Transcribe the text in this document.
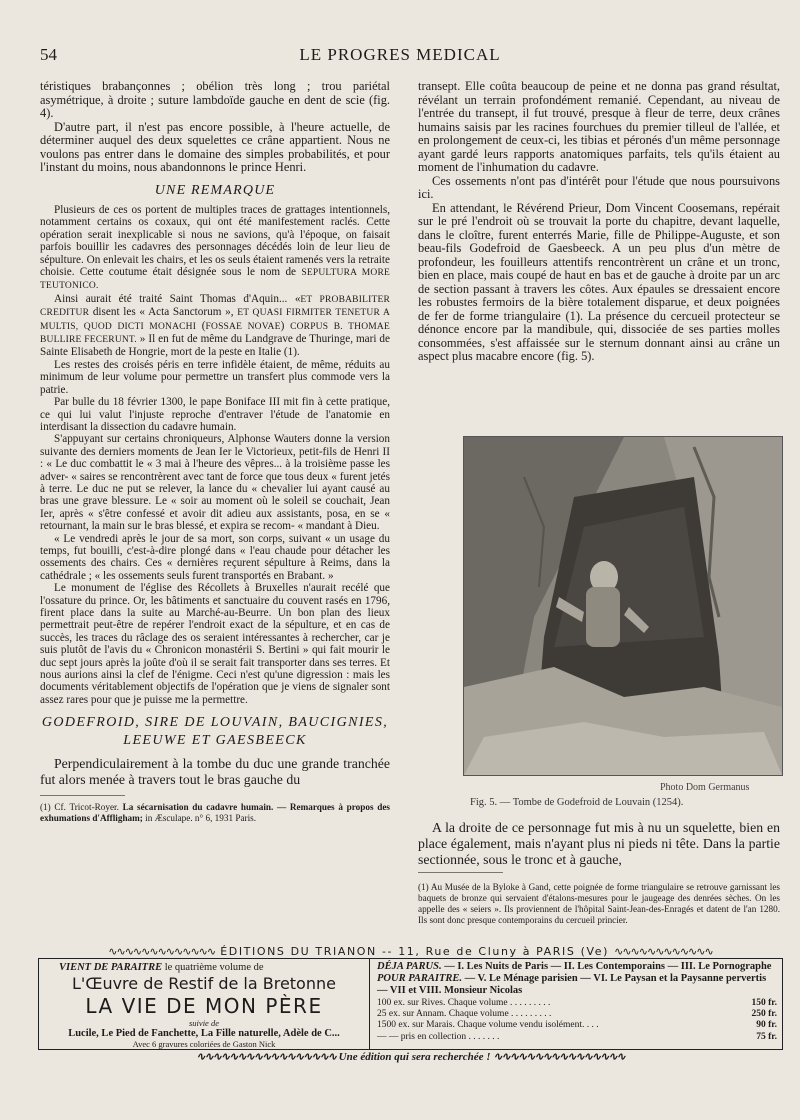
54	LE PROGRES MEDICAL

téristiques brabançonnes ; obélion très long ; trou pariétal asymétrique, à droite ; suture lambdoïde gauche en dent de scie (fig. 4).

D'autre part, il n'est pas encore possible, à l'heure actuelle, de déterminer auquel des deux squelettes ce crâne appartient. Nous ne voulons pas entrer dans le domaine des simples probabilités, et pour l'instant du moins, nous abandonnons le prince Henri.

UNE REMARQUE

Plusieurs de ces os portent de multiples traces de grattages intentionnels, notamment certains os coxaux, qui ont été manifestement raclés. Cette opération serait inexplicable si nous ne savions, qu'à l'époque, on faisait parfois bouillir les cadavres des personnages décédés loin de leur lieu de sépulture. On enlevait les chairs, et les os seuls étaient ramenés vers la retraite choisie. Cette coutume était désignée sous le nom de SEPULTURA MORE TEUTONICO.

Ainsi aurait été traité Saint Thomas d'Aquin... «ET PROBABILITER CREDITUR disent les « Acta Sanctorum », ET QUASI FIRMITER TENETUR A MULTIS, QUOD DICTI MONACHI (FOSSAE NOVAE) CORPUS B. THOMAE BULLIRE FECERUNT. » Il en fut de même du Landgrave de Thuringe, mari de Sainte Elisabeth de Hongrie, mort de la peste en Italie (1).

Les restes des croisés péris en terre infidèle étaient, de même, réduits au minimum de leur volume pour permettre un transfert plus commode vers la patrie.

Par bulle du 18 février 1300, le pape Boniface III mit fin à cette pratique, ce qui lui valut l'injuste reproche d'entraver l'étude de l'anatomie en interdisant la dissection du cadavre humain.

S'appuyant sur certains chroniqueurs, Alphonse Wauters donne la version suivante des derniers moments de Jean Ier le Victorieux, petit-fils de Henri II : « Le duc combattit le « 3 mai à l'heure des vêpres... à la troisième passe les adver- « saires se rencontrèrent avec tant de force que tous deux « furent jetés à terre. Le duc ne put se relever, la lance du « chevalier lui ayant causé au bras une grave blessure. Le « soir au moment où le soleil se couchait, Jean Ier, après « s'être confessé et avoir dit adieu aux assistants, posa, en se « retournant, la main sur le bras blessé, et expira se recom- « mandant à Dieu.

« Le vendredi après le jour de sa mort, son corps, suivant « un usage du temps, fut bouilli, c'est-à-dire plongé dans « l'eau chaude pour détacher les ossements des chairs. Ces « dernières reçurent sépulture à Reims, dans la cathédrale ; « les ossements seuls furent transportés en Brabant. »

Le monument de l'église des Récollets à Bruxelles n'aurait recélé que l'ossature du prince. Or, les bâtiments et sanctuaire du couvent rasés en 1796, firent place dans la suite au Marché-au-Beurre. Un bon plan des lieux permettrait peut-être de repérer l'endroit exact de la sépulture, et en cas de succès, les traces du râclage des os seraient intéressantes à rechercher, car je suis plutôt de l'avis du « Chronicon monastérii S. Bertini » qui fait mourir le duc sept jours après la joûte d'où il se serait fait transporter dans ses terres. Et nous aurions ainsi la clef de l'énigme. Ceci n'est qu'une digression : mais les documents véritablement objectifs de l'opération que je viens de signaler sont assez rares pour que je puisse me la permettre.

GODEFROID, SIRE DE LOUVAIN, BAUCIGNIES, LEEUWE ET GAESBEECK

Perpendiculairement à la tombe du duc une grande tranchée fut alors menée à travers tout le bras gauche du

(1) Cf. Tricot-Royer. La sécarnisation du cadavre humain. — Remarques à propos des exhumations d'Affligham; in Æsculape. n° 6, 1931 Paris.

transept. Elle coûta beaucoup de peine et ne donna pas grand résultat, révélant un terrain profondément remanié. Cependant, au niveau de l'entrée du transept, il fut trouvé, presque à fleur de terre, deux crânes humains saisis par les racines fourchues du premier tilleul de l'allée, et en prolongement de ceux-ci, les tibias et péronés d'un même personnage ayant gardé leurs rapports anatomiques parfaits, tels qu'ils étaient au moment de l'inhumation du cadavre.

Ces ossements n'ont pas d'intérêt pour l'étude que nous poursuivons ici.

En attendant, le Révérend Prieur, Dom Vincent Coosemans, repérait sur le pré l'endroit où se trouvait la porte du chapitre, devant laquelle, dans le cloître, furent enterrés Marie, fille de Philippe-Auguste, et son beau-fils Godefroid de Gaesbeeck. A un peu plus d'un mètre de profondeur, les fouilleurs attentifs rencontrèrent un crâne et un tronc, bien en place, mais coupé de haut en bas et de gauche à droite par un arc de section passant à travers les côtes. Aux épaules se dressaient encore les robustes fermoirs de la bière totalement disparue, et deux poignées de fer de forme triangulaire (1). La présence du cercueil protecteur se dénonce encore par la mandibule, qui, dissociée de ses parties molles consommées, s'est affaissée sur le sternum donnant ainsi au crâne un aspect plus macabre encore (fig. 5).

Photo Dom Germanus
Fig. 5. — Tombe de Godefroid de Louvain (1254).

A la droite de ce personnage fut mis à nu un squelette, bien en place également, mais n'ayant plus ni pieds ni tête. Dans la partie sectionnée, sous le tronc et à gauche,

(1) Au Musée de la Byloke à Gand, cette poignée de forme triangulaire se retrouve garnissant les baquets de bronze qui servaient d'étalons-mesures pour le jaugeage des denrées sèches. On les appelle des « seiers ». Ils proviennent de l'hôpital Saint-Jean-des-Enragés et datent de l'an 1280. Ils sont donc presque contemporains du cercueil princier.

∿∿∿∿∿∿∿∿∿∿∿∿∿ ÉDITIONS DU TRIANON -- 11, Rue de Cluny à PARIS (Ve) ∿∿∿∿∿∿∿∿∿∿∿∿
VIENT DE PARAITRE le quatrième volume de
L'Œuvre de Restif de la Bretonne
LA VIE DE MON PÈRE
suivie de
Lucile, Le Pied de Fanchette, La Fille naturelle, Adèle de C...
Avec 6 gravures coloriées de Gaston Nick
DÉJA PARUS. — I. Les Nuits de Paris — II. Les Contemporains — III. Le Pornographe
POUR PARAITRE. — V. Le Ménage parisien — VI. Le Paysan et la Paysanne pervertis — VII et VIII. Monsieur Nicolas
100 ex. sur Rives. Chaque volume . . . . . . . . .	150 fr.
25 ex. sur Annam. Chaque volume . . . . . . . . .	250 fr.
1500 ex. sur Marais. Chaque volume vendu isolément. . . .	90 fr.
— — pris en collection . . . . . . .	75 fr.
∿∿∿∿∿∿∿∿∿∿∿∿∿∿∿∿∿ Une édition qui sera recherchée ! ∿∿∿∿∿∿∿∿∿∿∿∿∿∿∿∿
